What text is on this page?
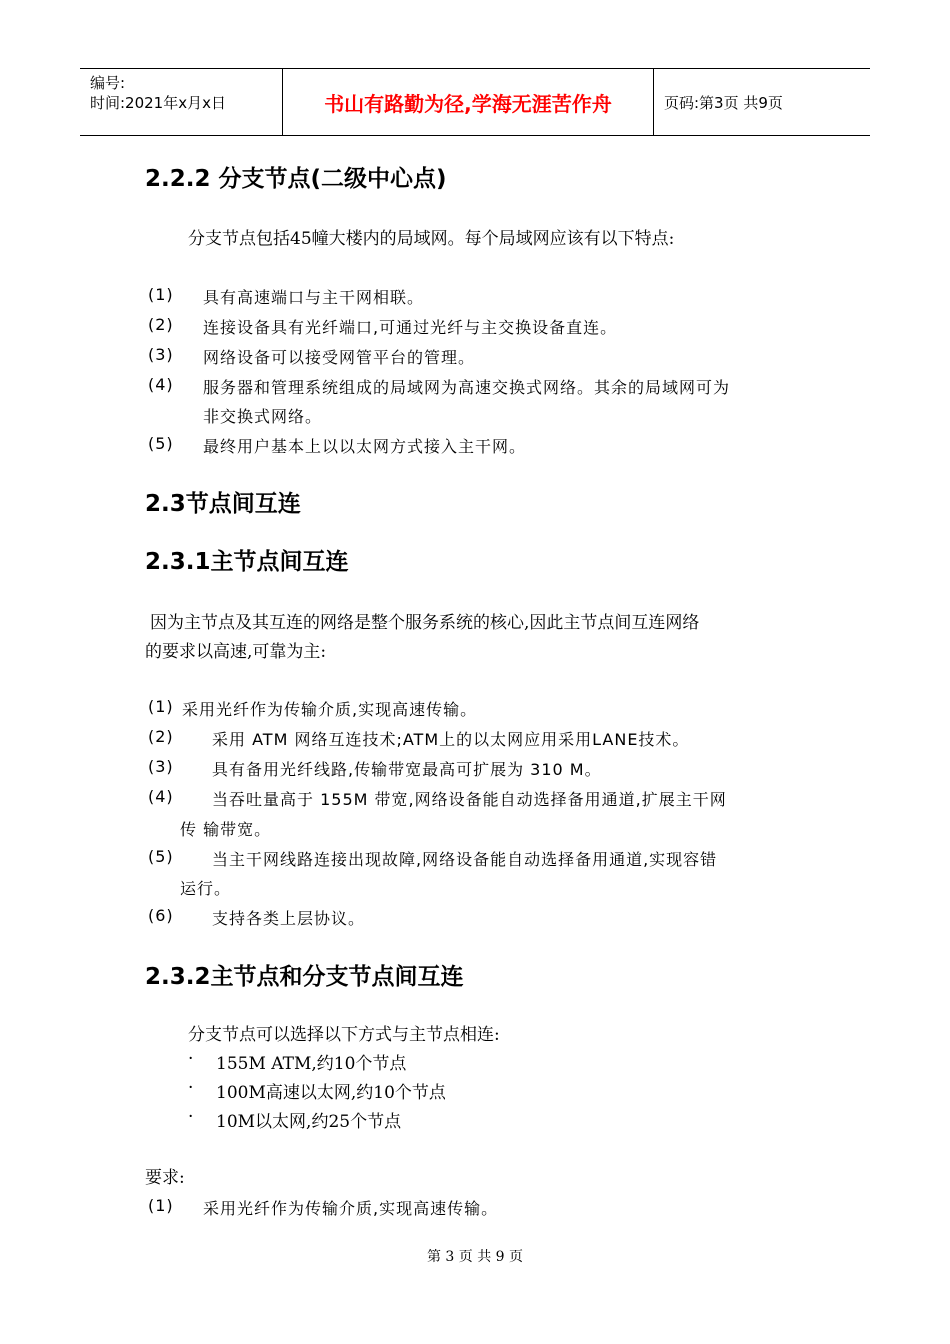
编号:
时间:2021年x月x日	书山有路勤为径,学海无涯苦作舟	页码:第3页 共9页
2.2.2 分支节点(二级中心点)
分支节点包括45幢大楼内的局域网。每个局域网应该有以下特点:
(1) 具有高速端口与主干网相联。
(2) 连接设备具有光纤端口,可通过光纤与主交换设备直连。
(3) 网络设备可以接受网管平台的管理。
(4) 服务器和管理系统组成的局域网为高速交换式网络。其余的局域网可为
非交换式网络。
(5) 最终用户基本上以以太网方式接入主干网。
2.3节点间互连
2.3.1主节点间互连
因为主节点及其互连的网络是整个服务系统的核心,因此主节点间互连网络
的要求以高速,可靠为主:
(1) 采用光纤作为传输介质,实现高速传输。
(2) 采用 ATM 网络互连技术;ATM上的以太网应用采用LANE技术。
(3) 具有备用光纤线路,传输带宽最高可扩展为 310 M。
(4) 当吞吐量高于 155M 带宽,网络设备能自动选择备用通道,扩展主干网
传 输带宽。
(5) 当主干网线路连接出现故障,网络设备能自动选择备用通道,实现容错
运行。
(6) 支持各类上层协议。
2.3.2主节点和分支节点间互连
分支节点可以选择以下方式与主节点相连:
· 155M ATM,约10个节点
· 100M高速以太网,约10个节点
· 10M以太网,约25个节点
要求:
(1) 采用光纤作为传输介质,实现高速传输。
第 3 页 共 9 页
